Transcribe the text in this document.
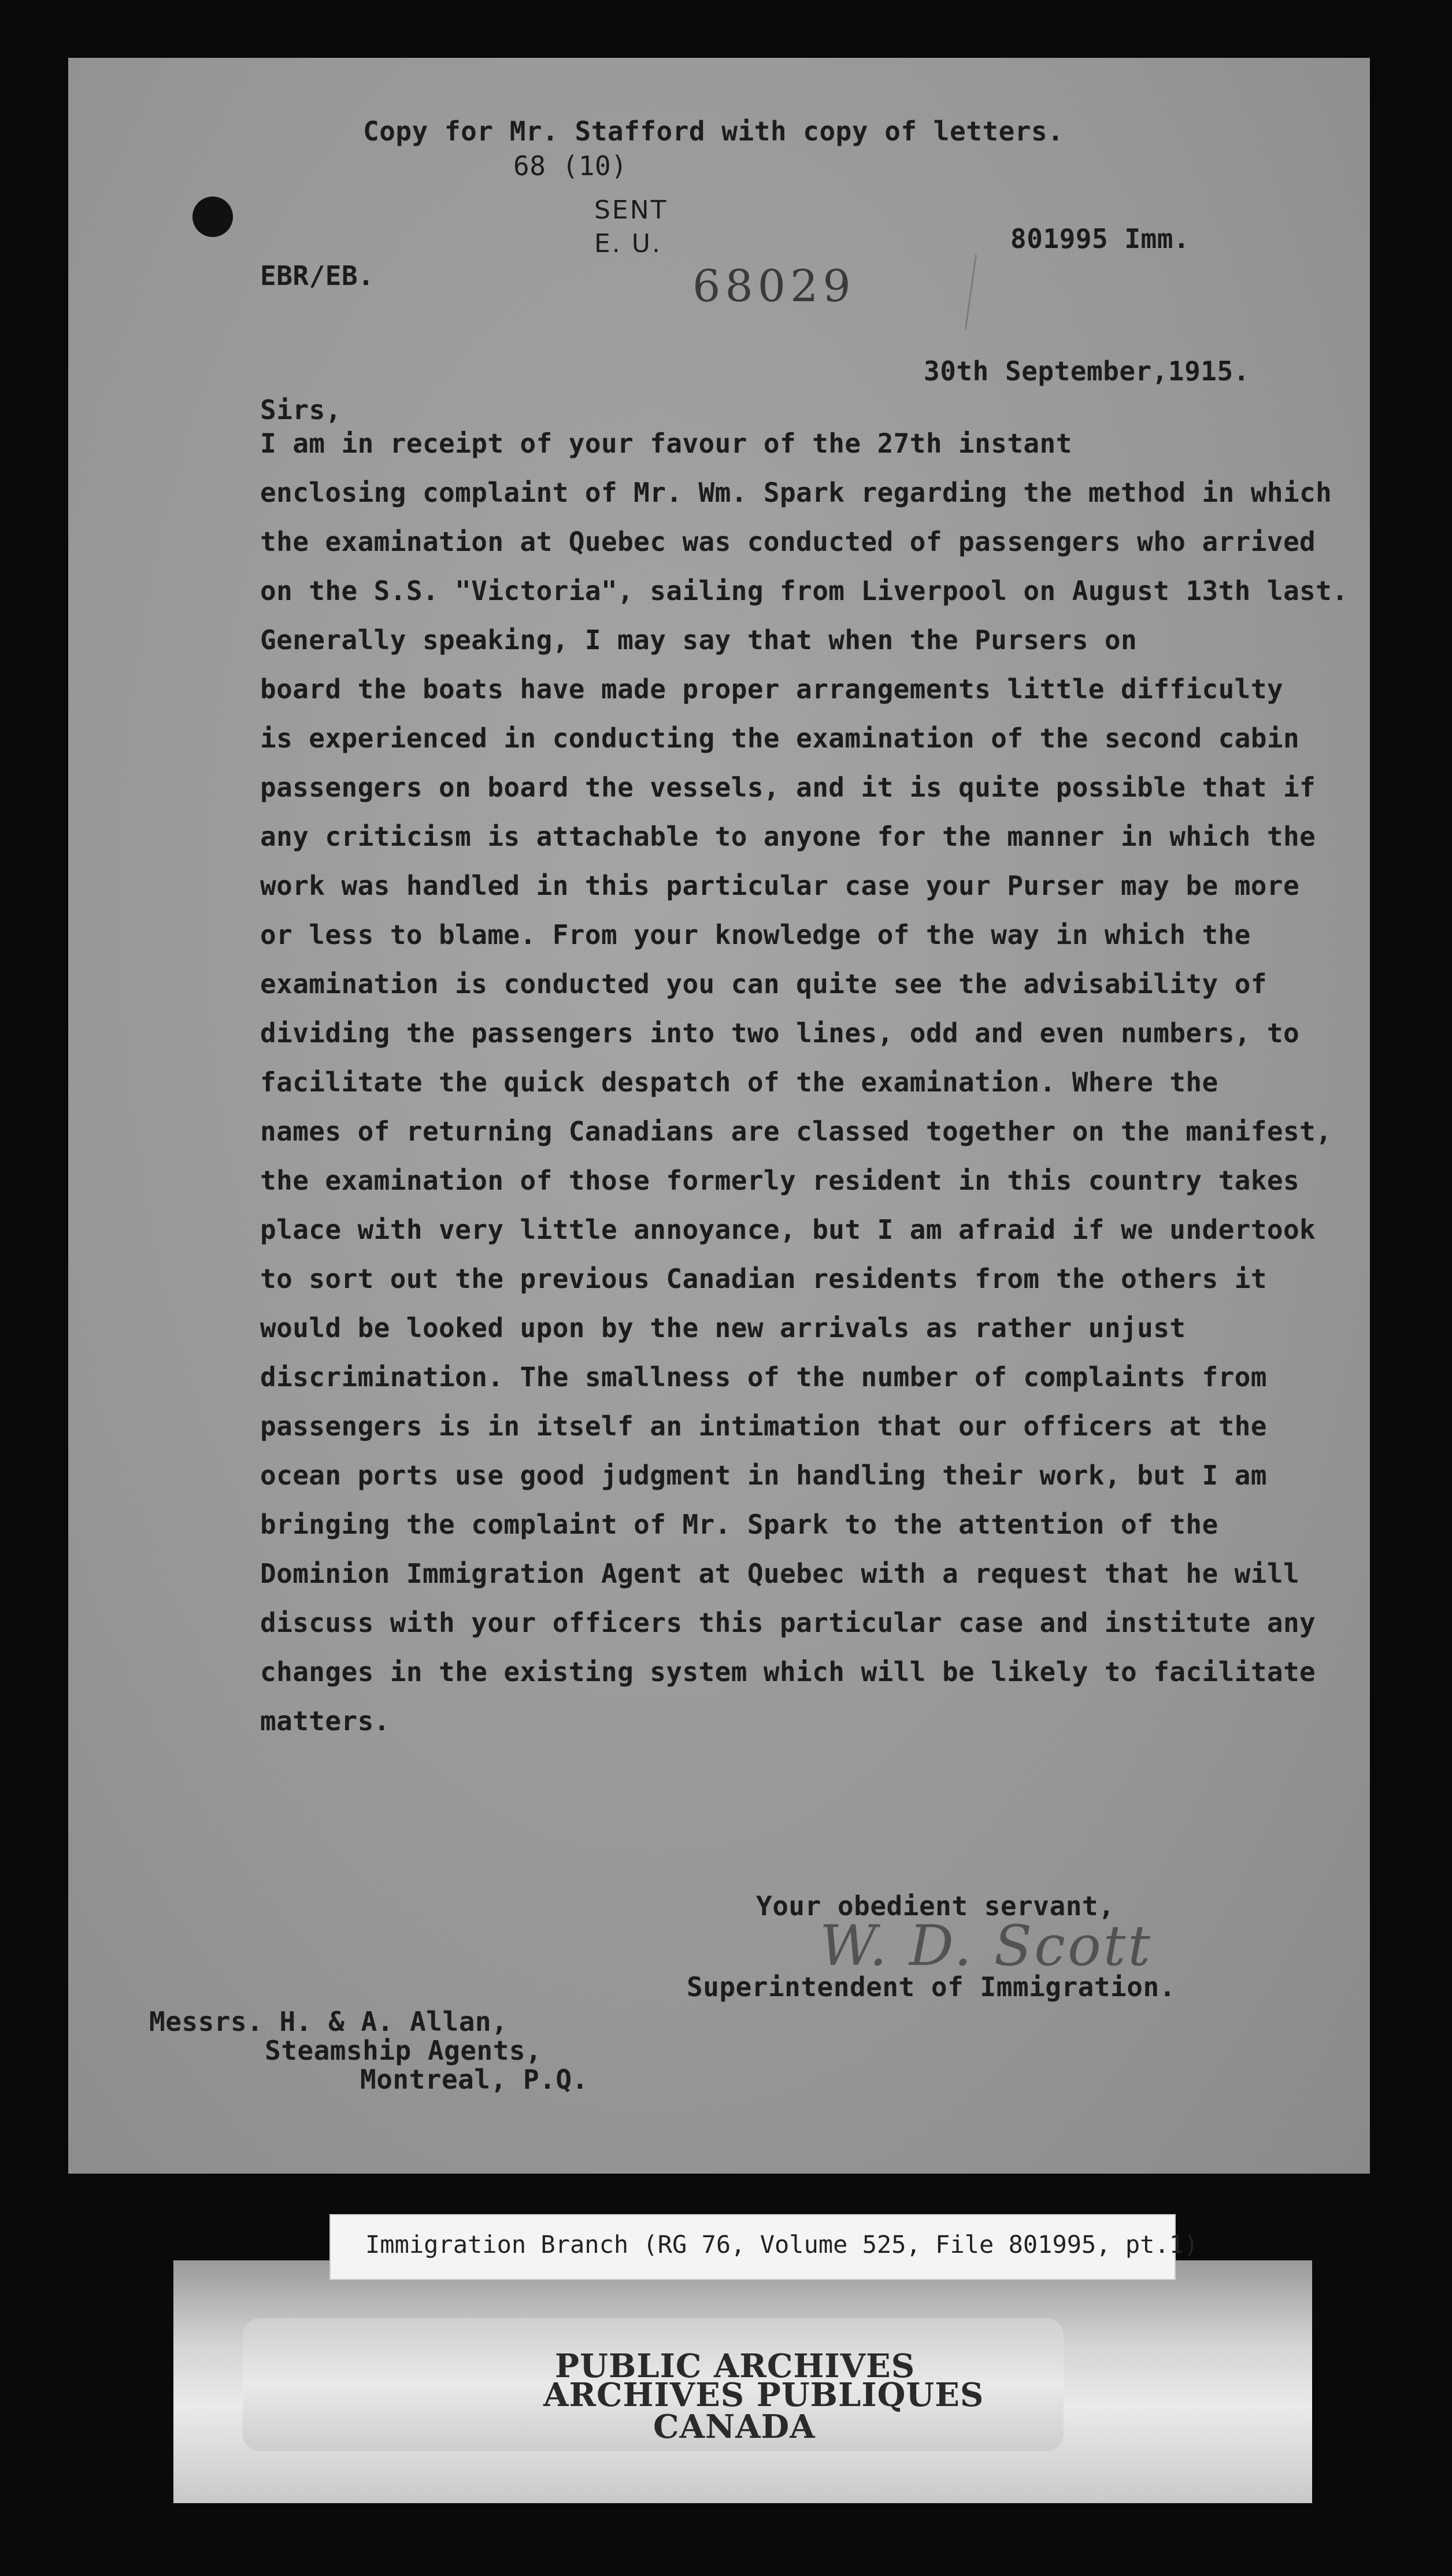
Copy for Mr. Stafford with copy of letters.
68 (10)
SENT
E. U.	801995 Imm.
EBR/EB.	68029
30th September,1915.
Sirs,
I am in receipt of your favour of the 27th instant
enclosing complaint of Mr. Wm. Spark regarding the method in which
the examination at Quebec was conducted of passengers who arrived
on the S.S. "Victoria", sailing from Liverpool on August 13th last.
Generally speaking, I may say that when the Pursers on
board the boats have made proper arrangements little difficulty
is experienced in conducting the examination of the second cabin
passengers on board the vessels, and it is quite possible that if
any criticism is attachable to anyone for the manner in which the
work was handled in this particular case your Purser may be more
or less to blame. From your knowledge of the way in which the
examination is conducted you can quite see the advisability of
dividing the passengers into two lines, odd and even numbers, to
facilitate the quick despatch of the examination. Where the
names of returning Canadians are classed together on the manifest,
the examination of those formerly resident in this country takes
place with very little annoyance, but I am afraid if we undertook
to sort out the previous Canadian residents from the others it
would be looked upon by the new arrivals as rather unjust
discrimination. The smallness of the number of complaints from
passengers is in itself an intimation that our officers at the
ocean ports use good judgment in handling their work, but I am
bringing the complaint of Mr. Spark to the attention of the
Dominion Immigration Agent at Quebec with a request that he will
discuss with your officers this particular case and institute any
changes in the existing system which will be likely to facilitate
matters.
Your obedient servant,
W. D. Scott
Superintendent of Immigration.
Messrs. H. & A. Allan,
Steamship Agents,
Montreal, P.Q.
PUBLIC ARCHIVES
ARCHIVES PUBLIQUES
CANADA
Immigration Branch (RG 76, Volume 525, File 801995, pt.1)
